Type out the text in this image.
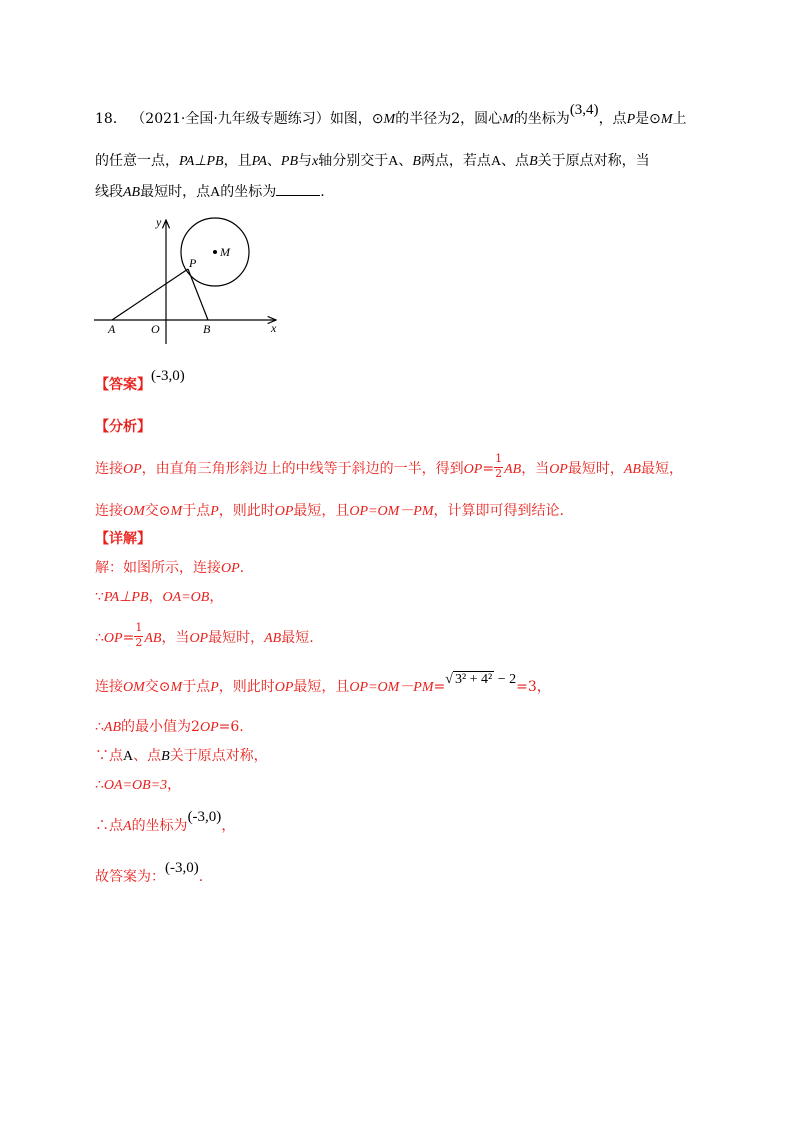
18． （2021·全国·九年级专题练习）如图，⊙M的半径为2，圆心M的坐标为(3,4)，点P是⊙M上
的任意一点，PA⊥PB，且PA、PB与x轴分别交于A、B两点，若点A、点B关于原点对称，当
线段AB最短时，点A的坐标为	.
y
x
M
P
A	O	B
【答案】(-3,0)
【分析】
连接OP，由直角三角形斜边上的中线等于斜边的一半，得到$OP= \frac{1}{2}$ AB，当OP最短时，AB最短，
连接OM交⊙M于点P，则此时OP最短，且OP=OM－PM，计算即可得到结论.
【详解】
解：如图所示，连接OP.
∵PA⊥PB，OA=OB，
∴OP= $\frac{1}{2}$ AB，当OP最短时，AB最短.
连接OM交⊙M于点P，则此时OP最短，且OP=OM－PM=√ 3² + 4² − 2=3，
∴AB的最小值为2OP=6.
∵点A、点B关于原点对称，
∴OA=OB=3，
∴点A的坐标为(-3,0)，
故答案为：(-3,0).
